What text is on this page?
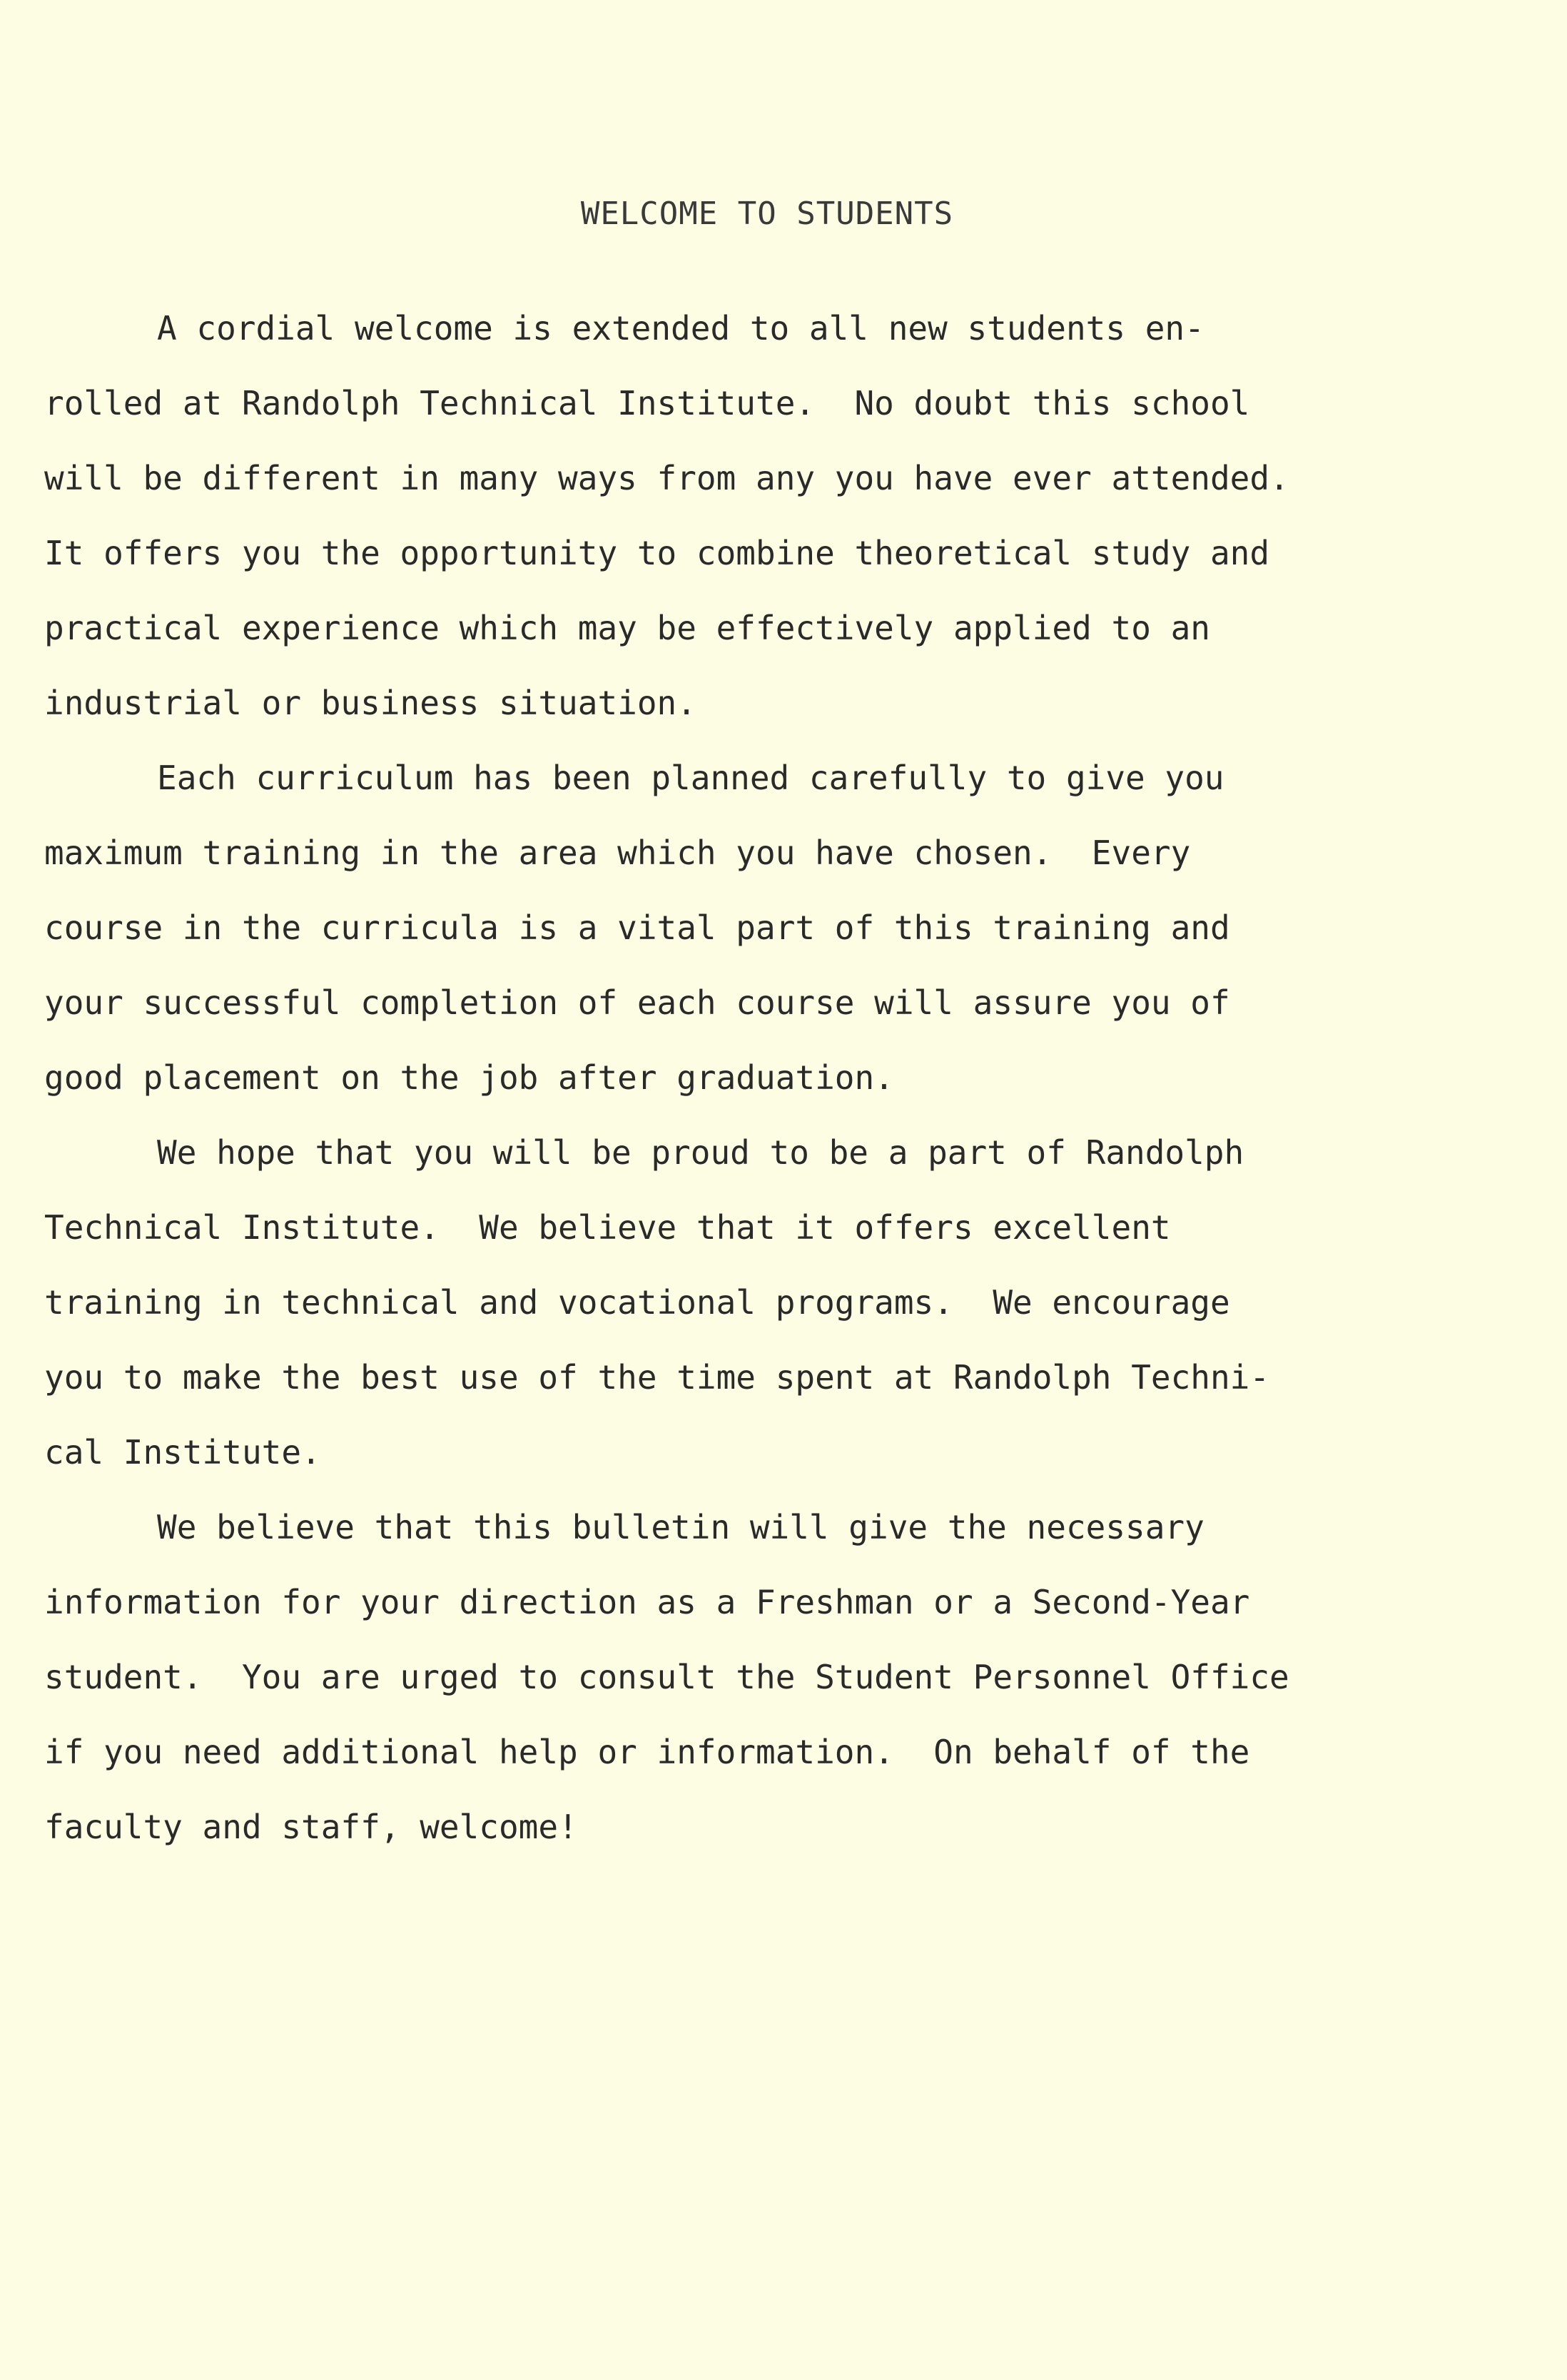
WELCOME TO STUDENTS
A cordial welcome is extended to all new students en-
rolled at Randolph Technical Institute.  No doubt this school
will be different in many ways from any you have ever attended.
It offers you the opportunity to combine theoretical study and
practical experience which may be effectively applied to an
industrial or business situation.
Each curriculum has been planned carefully to give you
maximum training in the area which you have chosen.  Every
course in the curricula is a vital part of this training and
your successful completion of each course will assure you of
good placement on the job after graduation.
We hope that you will be proud to be a part of Randolph
Technical Institute.  We believe that it offers excellent
training in technical and vocational programs.  We encourage
you to make the best use of the time spent at Randolph Techni-
cal Institute.
We believe that this bulletin will give the necessary
information for your direction as a Freshman or a Second-Year
student.  You are urged to consult the Student Personnel Office
if you need additional help or information.  On behalf of the
faculty and staff, welcome!
